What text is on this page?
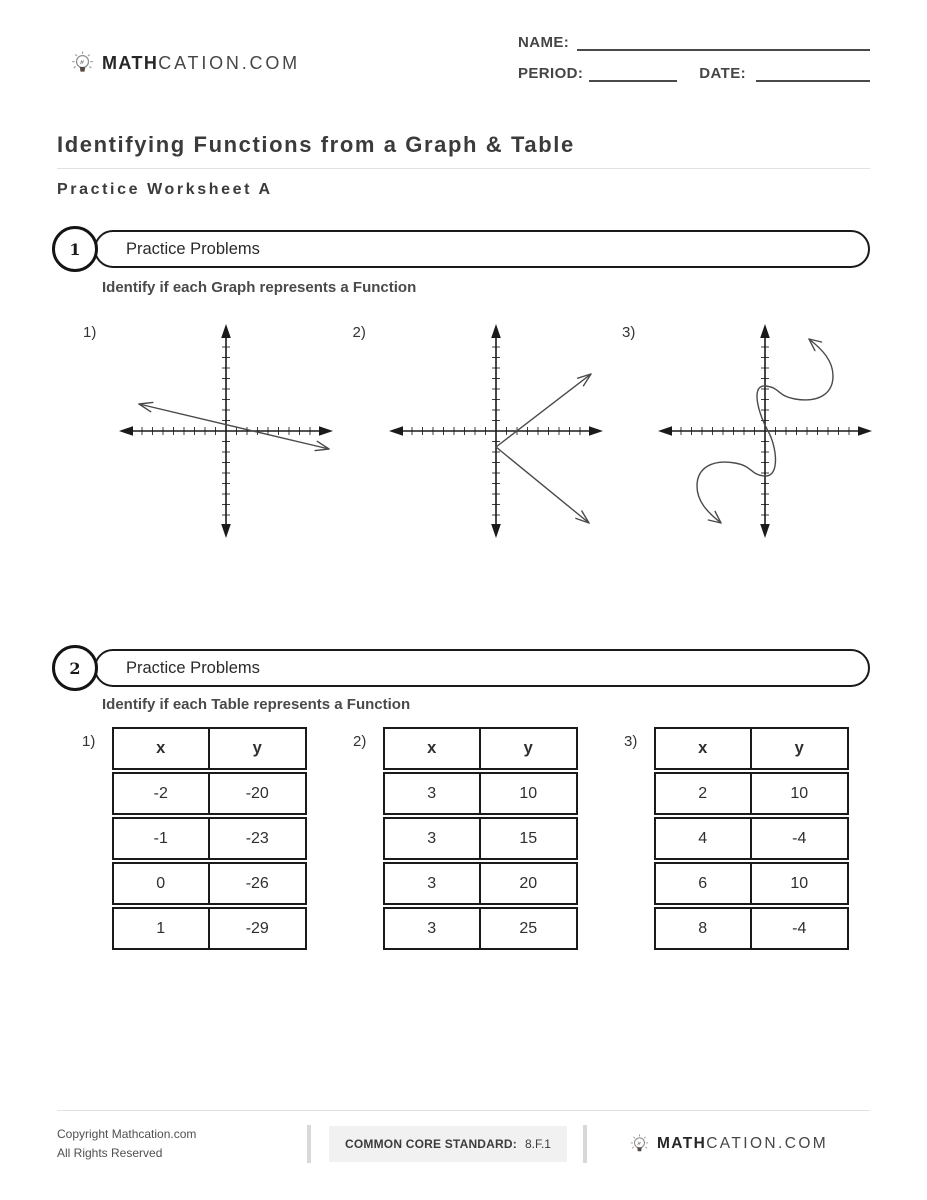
MATHCATION.COM
NAME:
PERIOD:	DATE:
Identifying Functions from a Graph & Table
Practice Worksheet A
1	Practice Problems
Identify if each Graph represents a Function
1)	2)	3)
2	Practice Problems
Identify if each Table represents a Function
1)	x	y
-2	-20
-1	-23
0	-26
1	-29
2)	x	y
3	10
3	15
3	20
3	25
3)	x	y
2	10
4	-4
6	10
8	-4
Copyright Mathcation.com
All Rights Reserved
COMMON CORE STANDARD: 8.F.1	MATHCATION.COM
